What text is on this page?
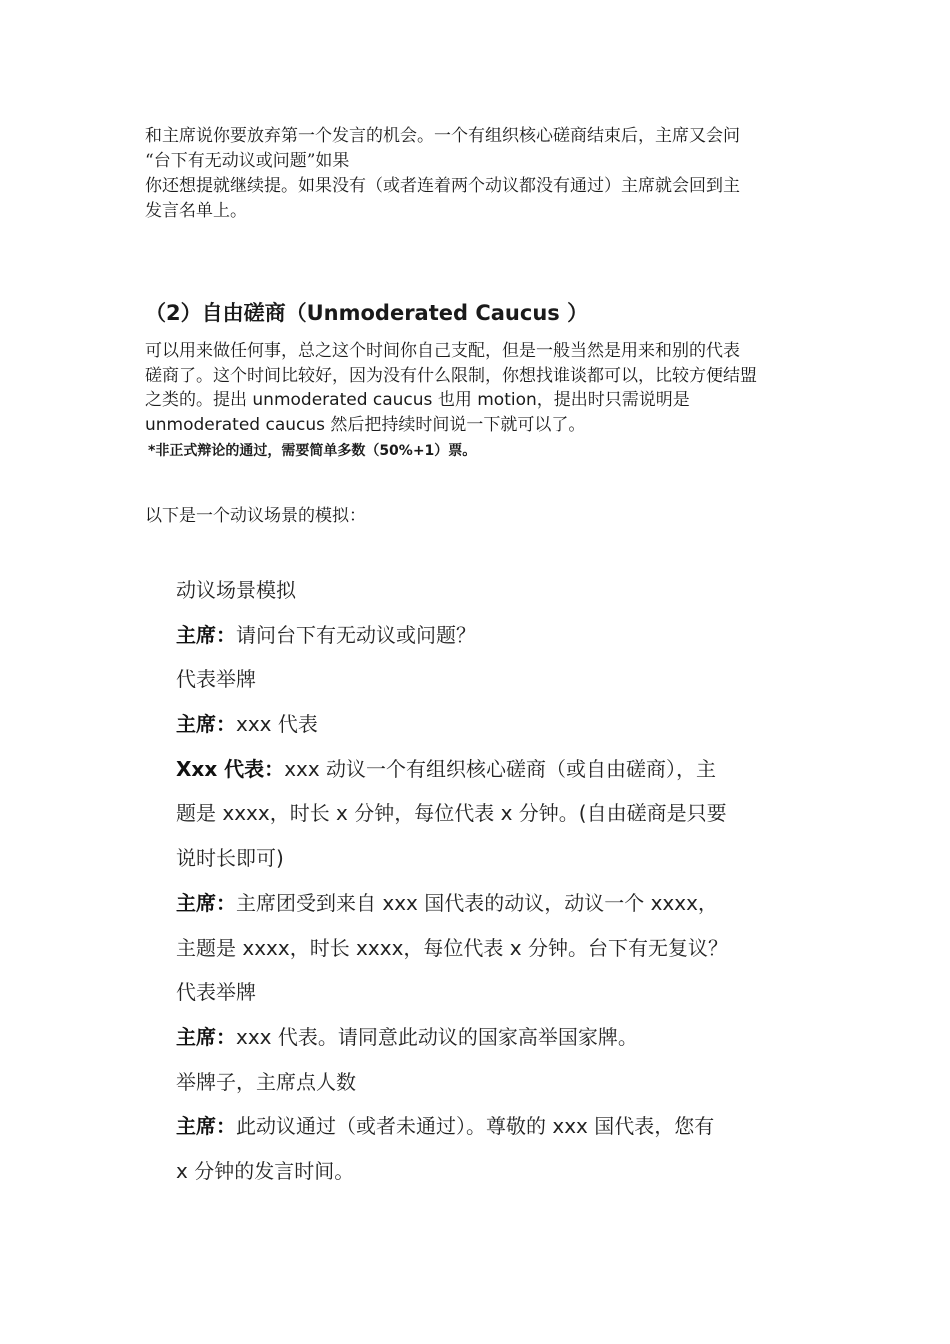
和主席说你要放弃第一个发言的机会。一个有组织核心磋商结束后，主席又会问
“台下有无动议或问题”如果
你还想提就继续提。如果没有（或者连着两个动议都没有通过）主席就会回到主
发言名单上。

（2）自由磋商（Unmoderated Caucus ）

可以用来做任何事，总之这个时间你自己支配，但是一般当然是用来和别的代表
磋商了。这个时间比较好，因为没有什么限制，你想找谁谈都可以，比较方便结盟
之类的。提出 unmoderated caucus 也用 motion，提出时只需说明是
unmoderated caucus 然后把持续时间说一下就可以了。

*非正式辩论的通过，需要简单多数（50%+1）票。

以下是一个动议场景的模拟：

动议场景模拟
主席：请问台下有无动议或问题？
代表举牌
主席：xxx 代表
Xxx 代表：xxx 动议一个有组织核心磋商（或自由磋商），主
题是 xxxx，时长 x 分钟，每位代表 x 分钟。(自由磋商是只要
说时长即可)
主席：主席团受到来自 xxx 国代表的动议，动议一个 xxxx，
主题是 xxxx，时长 xxxx，每位代表 x 分钟。台下有无复议？
代表举牌
主席：xxx 代表。请同意此动议的国家高举国家牌。
举牌子，主席点人数
主席：此动议通过（或者未通过）。尊敬的 xxx 国代表，您有
x 分钟的发言时间。
